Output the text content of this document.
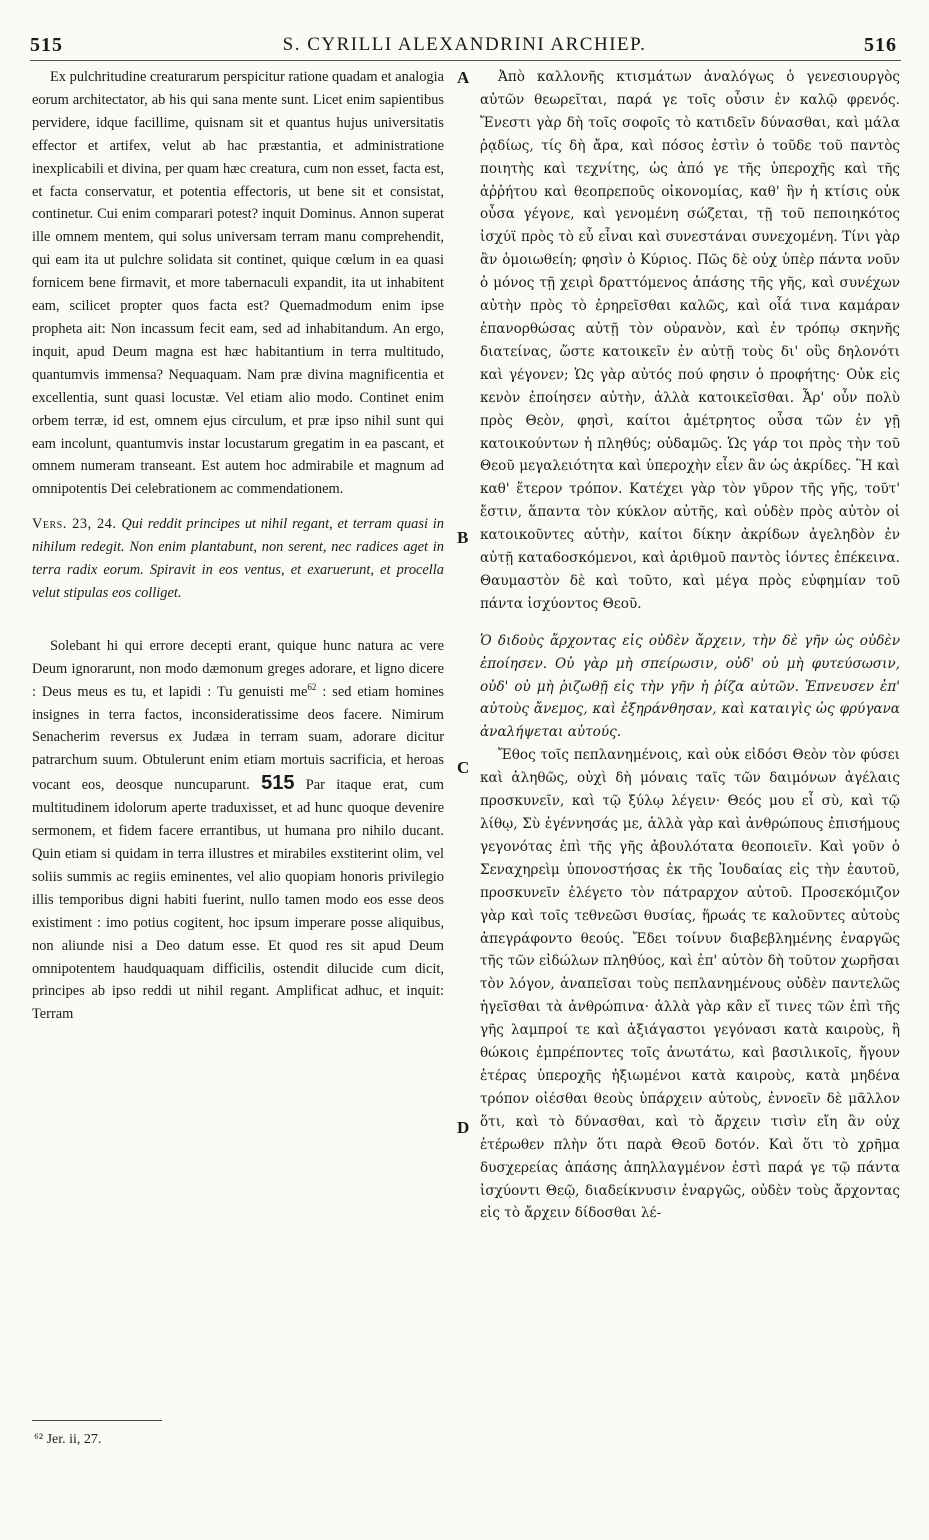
515	S. CYRILLI ALEXANDRINI ARCHIEP.	516
A
B
C
D

Ex pulchritudine creaturarum perspicitur ratione quadam et analogia eorum architectator, ab his qui sana mente sunt. Licet enim sapientibus pervidere, idque facillime, quisnam sit et quantus hujus universitatis effector et artifex, velut ab hac præstantia, et administratione inexplicabili et divina, per quam hæc creatura, cum non esset, facta est, et facta conservatur, et potentia effectoris, ut bene sit et consistat, continetur. Cui enim comparari potest? inquit Dominus. Annon superat ille omnem mentem, qui solus universam terram manu comprehendit, qui eam ita ut pulchre solidata sit continet, quique cœlum in ea quasi fornicem bene firmavit, et more tabernaculi expandit, ita ut inhabitent eam, scilicet propter quos facta est? Quemadmodum enim ipse propheta ait: Non incassum fecit eam, sed ad inhabitandum. An ergo, inquit, apud Deum magna est hæc habitantium in terra multitudo, quantumvis immensa? Nequaquam. Nam præ divina magnificentia et excellentia, sunt quasi locustæ. Vel etiam alio modo. Continet enim orbem terræ, id est, omnem ejus circulum, et præ ipso nihil sunt qui eam incolunt, quantumvis instar locustarum gregatim in ea pascant, et omnem numeram transeant. Est autem hoc admirabile et magnum ad omnipotentis Dei celebrationem ac commendationem.

Vers. 23, 24. Qui reddit principes ut nihil regant, et terram quasi in nihilum redegit. Non enim plantabunt, non serent, nec radices aget in terra radix eorum. Spiravit in eos ventus, et exaruerunt, et procella velut stipulas eos colliget.

Solebant hi qui errore decepti erant, quique hunc natura ac vere Deum ignorarunt, non modo dæmonum greges adorare, et ligno dicere : Deus meus es tu, et lapidi : Tu genuisti $me^{62}$ : sed etiam homines insignes in terra factos, inconsideratissime deos facere. Nimirum Senacherim reversus ex Judæa in terram suam, adorare dicitur patrarchum suum. Obtulerunt enim etiam mortuis sacrificia, et heroas vocant eos, deosque nuncuparunt. 515 Par itaque erat, cum multitudinem idolorum aperte traduxisset, et ad hunc quoque devenire sermonem, et fidem facere errantibus, ut humana pro nihilo ducant. Quin etiam si quidam in terra illustres et mirabiles exstiterint olim, vel soliis summis ac regiis eminentes, vel alio quopiam honoris privilegio illis temporibus digni habiti fuerint, nullo tamen modo eos esse deos existiment : imo potius cogitent, hoc ipsum imperare posse aliquibus, non aliunde nisi a Deo datum esse. Et quod res sit apud Deum omnipotentem haudquaquam difficilis, ostendit dilucide cum dicit, principes ab ipso reddi ut nihil regant. Amplificat adhuc, et inquit: Terram

Ἀπὸ καλλονῆς κτισμάτων ἀναλόγως ὁ γενεσιουργὸς αὐτῶν θεωρεῖται, παρά γε τοῖς οὖσιν ἐν καλῷ φρενός. Ἔνεστι γὰρ δὴ τοῖς σοφοῖς τὸ κατιδεῖν δύνασθαι, καὶ μάλα ῥᾳδίως, τίς δὴ ἄρα, καὶ πόσος ἐστὶν ὁ τοῦδε τοῦ παντὸς ποιητὴς καὶ τεχνίτης, ὡς ἀπό γε τῆς ὑπεροχῆς καὶ τῆς ἀῤῥήτου καὶ θεοπρεποῦς οἰκονομίας, καθ' ἣν ἡ κτίσις οὐκ οὖσα γέγονε, καὶ γενομένη σώζεται, τῇ τοῦ πεποιηκότος ἰσχύϊ πρὸς τὸ εὖ εἶναι καὶ συνεστάναι συνεχομένη. Τίνι γὰρ ἂν ὁμοιωθείη; φησὶν ὁ Κύριος. Πῶς δὲ οὐχ ὑπὲρ πάντα νοῦν ὁ μόνος τῇ χειρὶ δραττόμενος ἁπάσης τῆς γῆς, καὶ συνέχων αὐτὴν πρὸς τὸ ἐρηρεῖσθαι καλῶς, καὶ οἷά τινα καμάραν ἐπανορθώσας αὐτῇ τὸν οὐρανὸν, καὶ ἐν τρόπῳ σκηνῆς διατείνας, ὥστε κατοικεῖν ἐν αὐτῇ τοὺς δι' οὓς δηλονότι καὶ γέγονεν; Ὡς γὰρ αὐτός πού φησιν ὁ προφήτης· Οὐκ εἰς κενὸν ἐποίησεν αὐτὴν, ἀλλὰ κατοικεῖσθαι. Ἆρ' οὖν πολὺ πρὸς Θεὸν, φησὶ, καίτοι ἀμέτρητος οὖσα τῶν ἐν γῇ κατοικούντων ἡ πληθύς; οὐδαμῶς. Ὡς γάρ τοι πρὸς τὴν τοῦ Θεοῦ μεγαλειότητα καὶ ὑπεροχὴν εἶεν ἂν ὡς ἀκρίδες. Ἢ καὶ καθ' ἕτερον τρόπον. Κατέχει γὰρ τὸν γῦρον τῆς γῆς, τοῦτ' ἔστιν, ἅπαντα τὸν κύκλον αὐτῆς, καὶ οὐδὲν πρὸς αὐτὸν οἱ κατοικοῦντες αὐτὴν, καίτοι δίκην ἀκρίδων ἀγεληδὸν ἐν αὐτῇ κατα6οσκόμενοι, καὶ ἀριθμοῦ παντὸς ἰόντες ἐπέκεινα. Θαυμαστὸν δὲ καὶ τοῦτο, καὶ μέγα πρὸς εὐφημίαν τοῦ πάντα ἰσχύοντος Θεοῦ.

Ὁ διδοὺς ἄρχοντας εἰς οὐδὲν ἄρχειν, τὴν δὲ γῆν ὡς οὐδὲν ἐποίησεν. Οὐ γὰρ μὴ σπείρωσιν, οὐδ' οὐ μὴ φυτεύσωσιν, οὐδ' οὐ μὴ ῥιζωθῇ εἰς τὴν γῆν ἡ ῥίζα αὐτῶν. Ἐπνευσεν ἐπ' αὐτοὺς ἄνεμος, καὶ ἐξηράνθησαν, καὶ καταιγὶς ὡς φρύγανα ἀναλήψεται αὐτούς.

Ἔθος τοῖς πεπλανημένοις, καὶ οὐκ εἰδόσι Θεὸν τὸν φύσει καὶ ἀληθῶς, οὐχὶ δὴ μόναις ταῖς τῶν δαιμόνων ἀγέλαις προσκυνεῖν, καὶ τῷ ξύλῳ λέγειν· Θεός μου εἶ σὺ, καὶ τῷ λίθῳ, Σὺ ἐγέννησάς με, ἀλλὰ γὰρ καὶ ἀνθρώπους ἐπισήμους γεγονότας ἐπὶ τῆς γῆς ἀβουλότατα θεοποιεῖν. Καὶ γοῦν ὁ Σεναχηρεὶμ ὑπονοστήσας ἐκ τῆς Ἰουδαίας εἰς τὴν ἑαυτοῦ, προσκυνεῖν ἐλέγετο τὸν πάτραρχον αὐτοῦ. Προσεκόμιζον γὰρ καὶ τοῖς τεθνεῶσι θυσίας, ἥρωάς τε καλοῦντες αὐτοὺς ἀπεγράφοντο θεούς. Ἔδει τοίνυν διαβεβλημένης ἐναργῶς τῆς τῶν εἰδώλων πληθύος, καὶ ἐπ' αὐτὸν δὴ τοῦτον χωρῆσαι τὸν λόγον, ἀναπεῖσαι τοὺς πεπλανημένους οὐδὲν παντελῶς ἡγεῖσθαι τὰ ἀνθρώπινα· ἀλλὰ γὰρ κἂν εἴ τινες τῶν ἐπὶ τῆς γῆς λαμπροί τε καὶ ἀξιάγαστοι γεγόνασι κατὰ καιροὺς, ἢ θώκοις ἐμπρέποντες τοῖς ἀνωτάτω, καὶ βασιλικοῖς, ἤγουν ἑτέρας ὑπεροχῆς ἠξιωμένοι κατὰ καιροὺς, κατὰ μηδένα τρόπον οἰέσθαι θεοὺς ὑπάρχειν αὐτοὺς, ἐννοεῖν δὲ μᾶλλον ὅτι, καὶ τὸ δύνασθαι, καὶ τὸ ἄρχειν τισὶν εἴη ἂν οὐχ ἑτέρωθεν πλὴν ὅτι παρὰ Θεοῦ δοτόν. Καὶ ὅτι τὸ χρῆμα δυσχερείας ἁπάσης ἀπηλλαγμένον ἐστὶ παρά γε τῷ πάντα ἰσχύοντι Θεῷ, διαδείκνυσιν ἐναργῶς, οὐδὲν τοὺς ἄρχοντας εἰς τὸ ἄρχειν δίδοσθαι λέ-

⁶² Jer. ii, 27.
